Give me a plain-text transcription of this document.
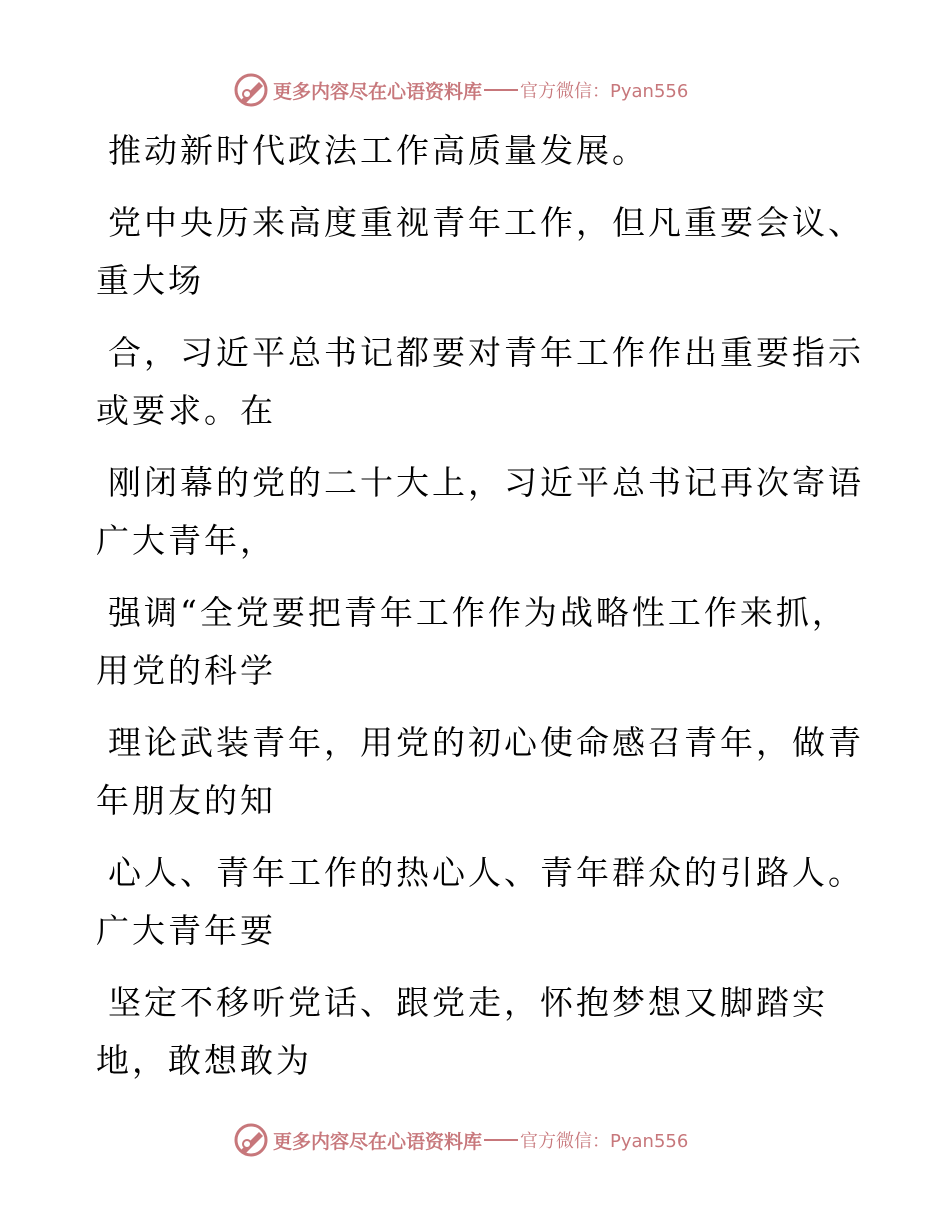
更多内容尽在心语资料库 官方微信：Pyan556
推动新时代政法工作高质量发展。
党中央历来高度重视青年工作，但凡重要会议、
重大场
合，习近平总书记都要对青年工作作出重要指示
或要求。在
刚闭幕的党的二十大上，习近平总书记再次寄语
广大青年，
强调“全党要把青年工作作为战略性工作来抓，
用党的科学
理论武装青年，用党的初心使命感召青年，做青
年朋友的知
心人、青年工作的热心人、青年群众的引路人。
广大青年要
坚定不移听党话、跟党走，怀抱梦想又脚踏实
地，敢想敢为
更多内容尽在心语资料库 官方微信：Pyan556
